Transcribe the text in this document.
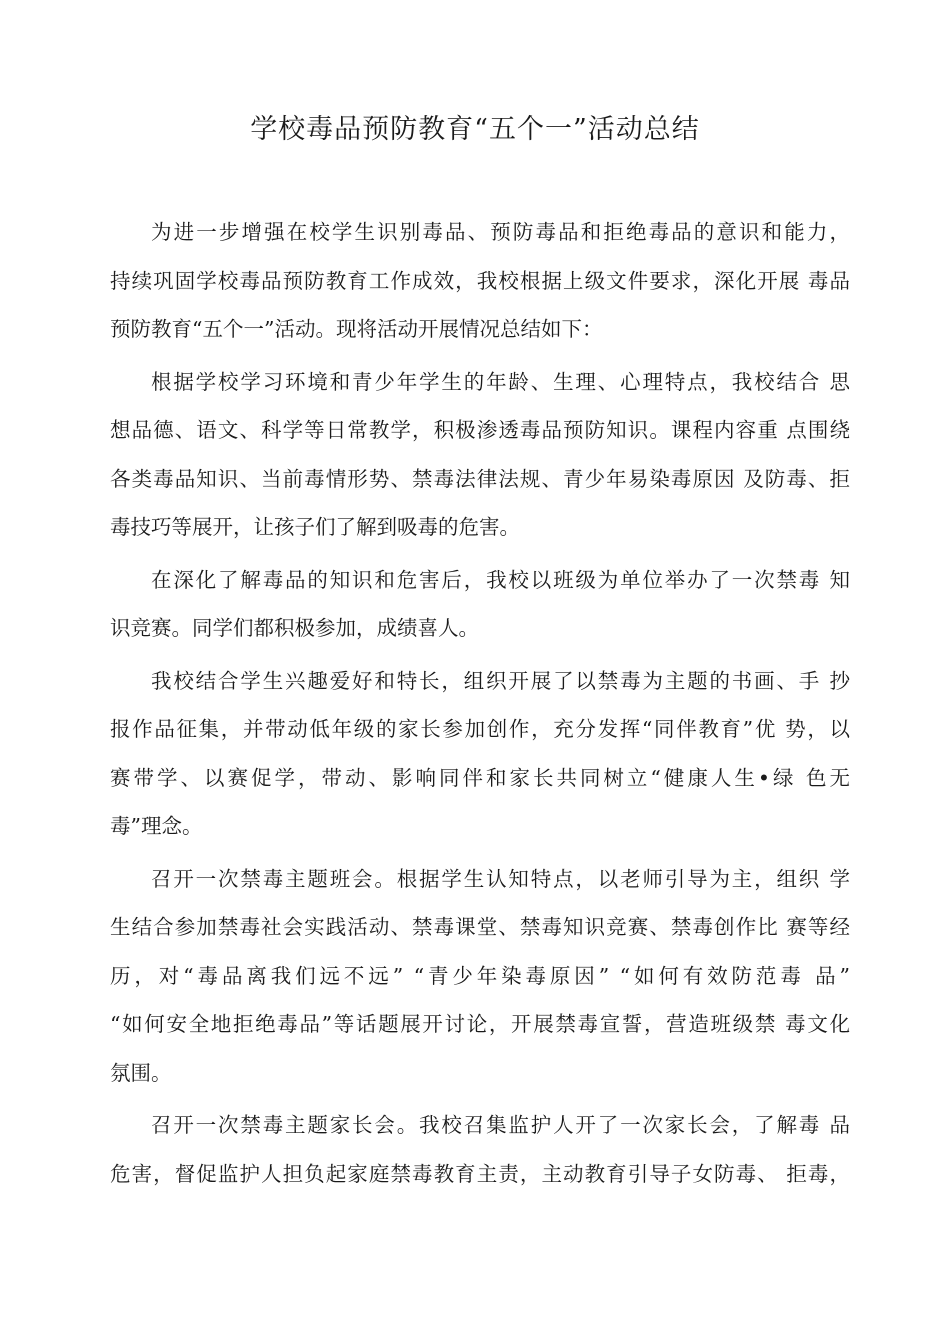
学校毒品预防教育“五个一”活动总结
为进一步增强在校学生识别毒品、预防毒品和拒绝毒品的意识和能力，
持续巩固学校毒品预防教育工作成效，我校根据上级文件要求，深化开展 毒品
预防教育“五个一”活动。现将活动开展情况总结如下：
根据学校学习环境和青少年学生的年龄、生理、心理特点，我校结合 思
想品德、语文、科学等日常教学，积极渗透毒品预防知识。课程内容重 点围绕
各类毒品知识、当前毒情形势、禁毒法律法规、青少年易染毒原因 及防毒、拒
毒技巧等展开，让孩子们了解到吸毒的危害。
在深化了解毒品的知识和危害后，我校以班级为单位举办了一次禁毒 知
识竞赛。同学们都积极参加，成绩喜人。
我校结合学生兴趣爱好和特长，组织开展了以禁毒为主题的书画、手 抄
报作品征集，并带动低年级的家长参加创作，充分发挥“同伴教育”优 势，以
赛带学、以赛促学，带动、影响同伴和家长共同树立“健康人生•绿 色无
毒”理念。
召开一次禁毒主题班会。根据学生认知特点，以老师引导为主，组织 学
生结合参加禁毒社会实践活动、禁毒课堂、禁毒知识竞赛、禁毒创作比 赛等经
历，对“毒品离我们远不远” “青少年染毒原因” “如何有效防范毒 品”
“如何安全地拒绝毒品”等话题展开讨论，开展禁毒宣誓，营造班级禁 毒文化
氛围。
召开一次禁毒主题家长会。我校召集监护人开了一次家长会，了解毒 品
危害，督促监护人担负起家庭禁毒教育主责，主动教育引导子女防毒、 拒毒，
